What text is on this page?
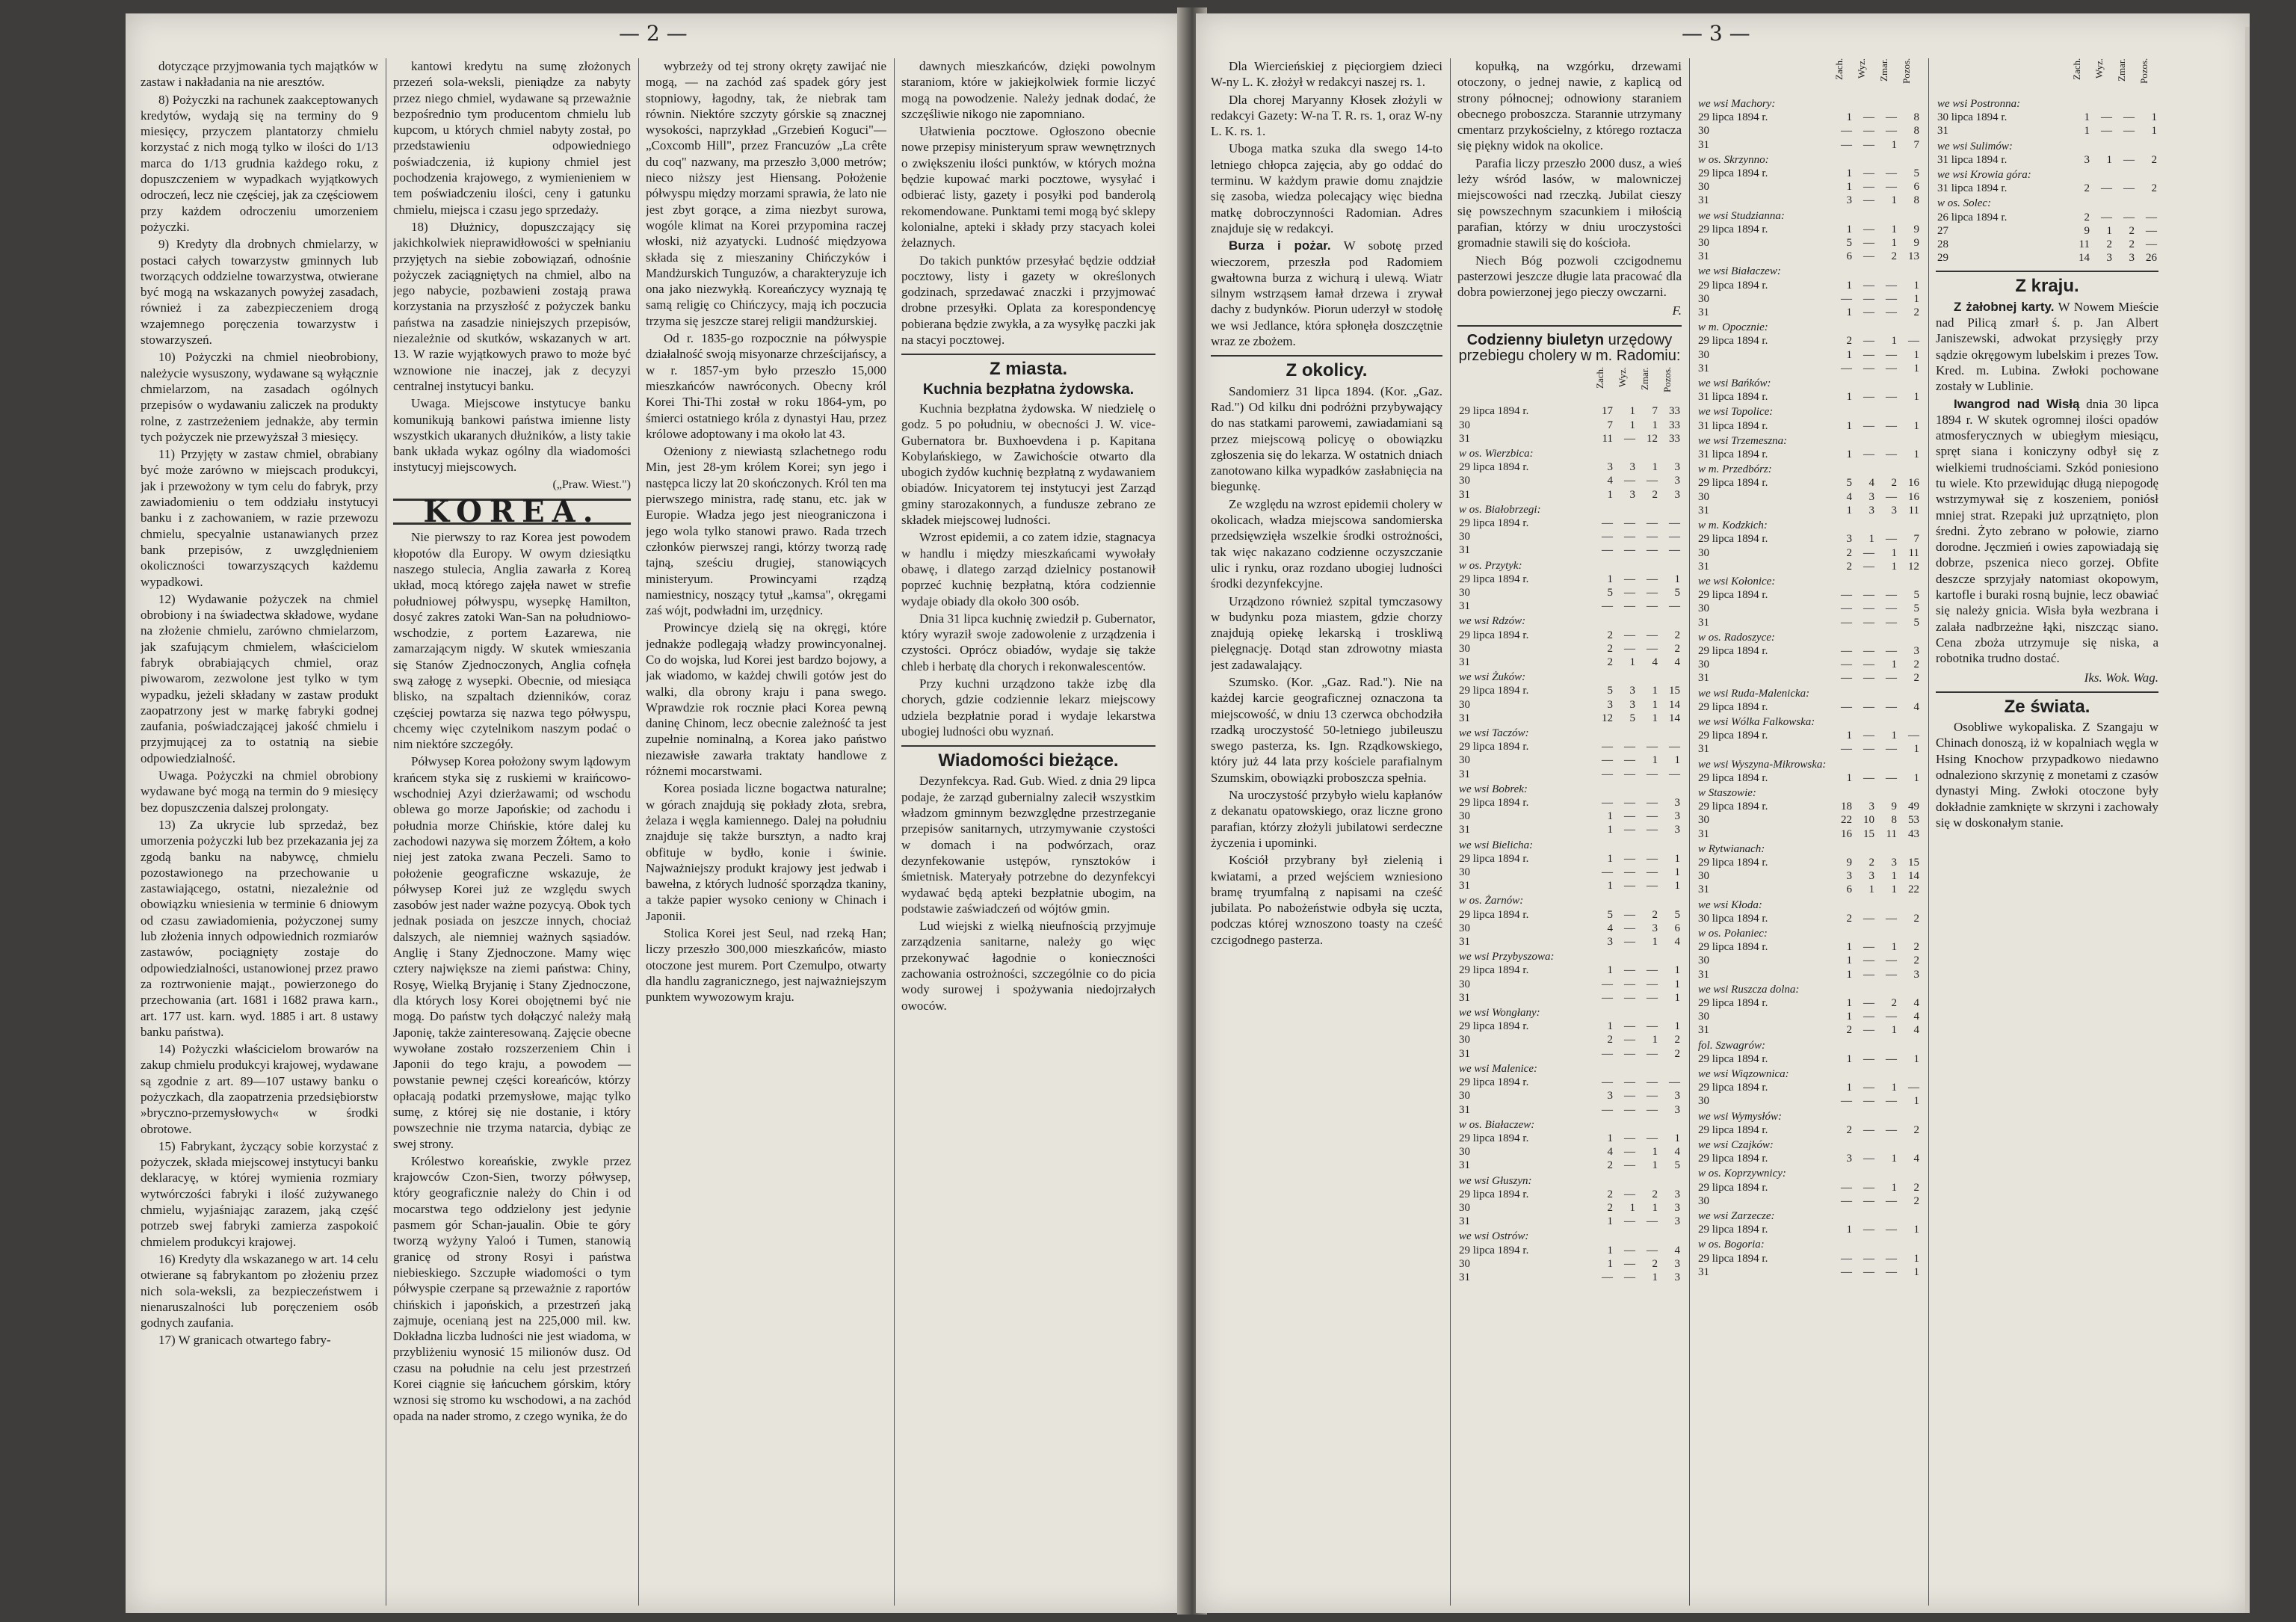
— 2 —

dotyczące przyjmowania tych majątków w zastaw i nakładania na nie aresztów.

8) Pożyczki na rachunek zaakceptowanych kredytów, wydają się na terminy do 9 miesięcy, przyczem plantatorzy chmielu korzystać z nich mogą tylko w ilości do 1/13 marca do 1/13 grudnia każdego roku, z dopuszczeniem w wypadkach wyjątkowych odroczeń, lecz nie częściej, jak za częściowem przy każdem odroczeniu umorzeniem pożyczki.

9) Kredyty dla drobnych chmielarzy, w postaci całych towarzystw gminnych lub tworzących oddzielne towarzystwa, otwierane być mogą na wskazanych powyżej zasadach, również i za zabezpieczeniem drogą wzajemnego poręczenia towarzystw i stowarzyszeń.

10) Pożyczki na chmiel nieobrobiony, należycie wysuszony, wydawane są wyłącznie chmielarzom, na zasadach ogólnych przepisów o wydawaniu zaliczek na produkty rolne, z zastrzeżeniem jednakże, aby termin tych pożyczek nie przewyższał 3 miesięcy.

11) Przyjęty w zastaw chmiel, obrabiany być może zarówno w miejscach produkcyi, jak i przewożony w tym celu do fabryk, przy zawiadomieniu o tem oddziału instytucyi banku i z zachowaniem, w razie przewozu chmielu, specyalnie ustanawianych przez bank przepisów, z uwzględnieniem okoliczności towarzyszących każdemu wypadkowi.

12) Wydawanie pożyczek na chmiel obrobiony i na świadectwa składowe, wydane na złożenie chmielu, zarówno chmielarzom, jak szafującym chmielem, właścicielom fabryk obrabiających chmiel, oraz piwowarom, zezwolone jest tylko w tym wypadku, jeżeli składany w zastaw produkt zaopatrzony jest w markę fabryki godnej zaufania, poświadczającej jakość chmielu i przyjmującej za to ostatnią na siebie odpowiedzialność.

Uwaga. Pożyczki na chmiel obrobiony wydawane być mogą na termin do 9 miesięcy bez dopuszczenia dalszej prolongaty.

13) Za ukrycie lub sprzedaż, bez umorzenia pożyczki lub bez przekazania jej za zgodą banku na nabywcę, chmielu pozostawionego na przechowanie u zastawiającego, ostatni, niezależnie od obowiązku wniesienia w terminie 6 dniowym od czasu zawiadomienia, pożyczonej sumy lub złożenia innych odpowiednich rozmiarów zastawów, pociągnięty zostaje do odpowiedzialności, ustanowionej przez prawo za roztrwonienie mająt., powierzonego do przechowania (art. 1681 i 1682 prawa karn., art. 177 ust. karn. wyd. 1885 i art. 8 ustawy banku państwa).

14) Pożyczki właścicielom browarów na zakup chmielu produkcyi krajowej, wydawane są zgodnie z art. 89—107 ustawy banku o pożyczkach, dla zaopatrzenia przedsiębiorstw »bryczno-przemysłowych« w środki obrotowe.

15) Fabrykant, życzący sobie korzystać z pożyczek, składa miejscowej instytucyi banku deklaracyę, w której wymienia rozmiary wytwórczości fabryki i ilość zużywanego chmielu, wyjaśniając zarazem, jaką część potrzeb swej fabryki zamierza zaspokoić chmielem produkcyi krajowej.

16) Kredyty dla wskazanego w art. 14 celu otwierane są fabrykantom po złożeniu przez nich sola-weksli, za bezpieczeństwem i nienaruszalności lub poręczeniem osób godnych zaufania.

17) W granicach otwartego fabry-

kantowi kredytu na sumę złożonych przezeń sola-weksli, pieniądze za nabyty przez niego chmiel, wydawane są przeważnie bezpośrednio tym producentom chmielu lub kupcom, u których chmiel nabyty został, po przedstawieniu odpowiedniego poświadczenia, iż kupiony chmiel jest pochodzenia krajowego, z wymienieniem w tem poświadczeniu ilości, ceny i gatunku chmielu, miejsca i czasu jego sprzedaży.

18) Dłużnicy, dopuszczający się jakichkolwiek nieprawidłowości w spełnianiu przyjętych na siebie zobowiązań, odnośnie pożyczek zaciągniętych na chmiel, albo na jego nabycie, pozbawieni zostają prawa korzystania na przyszłość z pożyczek banku państwa na zasadzie niniejszych przepisów, niezależnie od skutków, wskazanych w art. 13. W razie wyjątkowych prawo to może być wznowione nie inaczej, jak z decyzyi centralnej instytucyi banku.

Uwaga. Miejscowe instytucye banku komunikują bankowi państwa imienne listy wszystkich ukaranych dłużników, a listy takie bank układa wykaz ogólny dla wiadomości instytucyj miejscowych.

(„Praw. Wiest.")
KOREA.

Nie pierwszy to raz Korea jest powodem kłopotów dla Europy. W owym dziesiątku naszego stulecia, Anglia zawarła z Koreą układ, mocą którego zajęła nawet w strefie południowej półwyspu, wysepkę Hamilton, dosyć zakres zatoki Wan-San na południowo-wschodzie, z portem Łazarewa, nie zamarzającym nigdy. W skutek wmieszania się Stanów Zjednoczonych, Anglia cofnęła swą załogę z wysepki. Obecnie, od miesiąca blisko, na szpaltach dzienników, coraz częściej powtarza się nazwa tego półwyspu, chcemy więc czytelnikom naszym podać o nim niektóre szczegóły.

Półwysep Korea położony swym lądowym krańcem styka się z ruskiemi w kraińcowo-wschodniej Azyi dzierżawami; od wschodu oblewa go morze Japońskie; od zachodu i południa morze Chińskie, które dalej ku zachodowi nazywa się morzem Żółtem, a koło niej jest zatoka zwana Peczeli. Samo to położenie geograficzne wskazuje, że półwysep Korei już ze względu swych zasobów jest nader ważne pozycyą. Obok tych jednak posiada on jeszcze innych, chociaż dalszych, ale niemniej ważnych sąsiadów. Anglię i Stany Zjednoczone. Mamy więc cztery największe na ziemi państwa: Chiny, Rosyę, Wielką Bryjanię i Stany Zjednoczone, dla których losy Korei obojętnemi być nie mogą. Do państw tych dołączyć należy małą Japonię, także zainteresowaną. Zajęcie obecne wywołane zostało rozszerzeniem Chin i Japonii do tego kraju, a powodem — powstanie pewnej części koreańców, którzy opłacają podatki przemysłowe, mając tylko sumę, z której się nie dostanie, i który powszechnie nie trzyma natarcia, dybiąc ze swej strony.

Królestwo koreańskie, zwykle przez krajowców Czon-Sien, tworzy półwysep, który geograficznie należy do Chin i od mocarstwa tego oddzielony jest jedynie pasmem gór Schan-jaualin. Obie te góry tworzą wyżyny Yaloó i Tumen, stanowią granicę od strony Rosyi i państwa niebieskiego. Szczupłe wiadomości o tym półwyspie czerpane są przeważnie z raportów chińskich i japońskich, a przestrzeń jaką zajmuje, ocenianą jest na 225,000 mil. kw. Dokładna liczba ludności nie jest wiadoma, w przybliżeniu wynosić 15 milionów dusz. Od czasu na południe na celu jest przestrzeń Korei ciągnie się łańcuchem górskim, który wznosi się stromo ku wschodowi, a na zachód opada na nader stromo, z czego wynika, że do

wybrzeży od tej strony okręty zawijać nie mogą, — na zachód zaś spadek góry jest stopniowy, łagodny, tak, że niebrak tam równin. Niektóre szczyty górskie są znacznej wysokości, naprzykład „Grzebień Koguci"—„Coxcomb Hill", przez Francuzów „La crête du coq" nazwany, ma przeszło 3,000 metrów; nieco niższy jest Hiensang. Położenie półwyspu między morzami sprawia, że lato nie jest zbyt gorące, a zima niezbyt surowa, wogóle klimat na Korei przypomina raczej włoski, niż azyatycki. Ludność międzyowa składa się z mieszaniny Chińczyków i Mandżurskich Tunguzów, a charakteryzuje ich ona jako niezwykłą. Koreańczycy wyznają tę samą religię co Chińczycy, mają ich poczucia trzyma się jeszcze starej religii mandżurskiej.

Od r. 1835-go rozpocznie na półwyspie działalność swoją misyonarze chrześcijańscy, a w r. 1857-ym było przeszło 15,000 mieszkańców nawróconych. Obecny król Korei Thi-Thi został w roku 1864-ym, po śmierci ostatniego króla z dynastyi Hau, przez królowe adoptowany i ma około lat 43.

Ożeniony z niewiastą szlachetnego rodu Min, jest 28-ym królem Korei; syn jego i następca liczy lat 20 skończonych. Król ten ma pierwszego ministra, radę stanu, etc. jak w Europie. Władza jego jest nieograniczona i jego wola tylko stanowi prawo. Rada trzech członków pierwszej rangi, którzy tworzą radę tajną, sześciu drugiej, stanowiących ministeryum. Prowincyami rządzą namiestnicy, noszący tytuł „kamsa", okręgami zaś wójt, podwładni im, urzędnicy.

Prowincye dzielą się na okręgi, które jednakże podlegają władzy prowincyonalnej. Co do wojska, lud Korei jest bardzo bojowy, a jak wiadomo, w każdej chwili gotów jest do walki, dla obrony kraju i pana swego. Wprawdzie rok rocznie płaci Korea pewną daninę Chinom, lecz obecnie zależność ta jest zupełnie nominalną, a Korea jako państwo niezawisłe zawarła traktaty handlowe z różnemi mocarstwami.

Korea posiada liczne bogactwa naturalne; w górach znajdują się pokłady złota, srebra, żelaza i węgla kamiennego. Dalej na południu znajduje się także bursztyn, a nadto kraj obfituje w bydło, konie i świnie. Najważniejszy produkt krajowy jest jedwab i bawełna, z których ludność sporządza tkaniny, a także papier wysoko ceniony w Chinach i Japonii.

Stolica Korei jest Seul, nad rzeką Han; liczy przeszło 300,000 mieszkańców, miasto otoczone jest murem. Port Czemulpo, otwarty dla handlu zagranicznego, jest najważniejszym punktem wywozowym kraju.

dawnych mieszkańców, dzięki powolnym staraniom, które w jakiejkolwiek formie liczyć mogą na powodzenie. Należy jednak dodać, że szczęśliwie nikogo nie zapomniano.

Ułatwienia pocztowe. Ogłoszono obecnie nowe przepisy ministeryum spraw wewnętrznych o zwiększeniu ilości punktów, w których można będzie kupować marki pocztowe, wysyłać i odbierać listy, gazety i posyłki pod banderolą rekomendowane. Punktami temi mogą być sklepy kolonialne, apteki i składy przy stacyach kolei żelaznych.

Do takich punktów przesyłać będzie oddział pocztowy, listy i gazety w określonych godzinach, sprzedawać znaczki i przyjmować drobne przesyłki. Oplata za korespondencyę pobierana będzie zwykła, a za wysyłkę paczki jak na stacyi pocztowej.

Z miasta.
Kuchnia bezpłatna żydowska.

Kuchnia bezpłatna żydowska. W niedzielę o godz. 5 po południu, w obecności J. W. vice-Gubernatora br. Buxhoevdena i p. Kapitana Kobylańskiego, w Zawichoście otwarto dla ubogich żydów kuchnię bezpłatną z wydawaniem obiadów. Inicyatorem tej instytucyi jest Zarząd gminy starozakonnych, a fundusze zebrano ze składek miejscowej ludności.

Wzrost epidemii, a co zatem idzie, stagnacya w handlu i między mieszkańcami wywołały obawę, i dlatego zarząd dzielnicy postanowił poprzeć kuchnię bezpłatną, która codziennie wydaje obiady dla około 300 osób.

Dnia 31 lipca kuchnię zwiedził p. Gubernator, który wyraził swoje zadowolenie z urządzenia i czystości. Oprócz obiadów, wydaje się także chleb i herbatę dla chorych i rekonwalescentów.

Przy kuchni urządzono także izbę dla chorych, gdzie codziennie lekarz miejscowy udziela bezpłatnie porad i wydaje lekarstwa ubogiej ludności obu wyznań.

Wiadomości bieżące.

Dezynfekcya. Rad. Gub. Wied. z dnia 29 lipca podaje, że zarząd gubernialny zalecił wszystkim władzom gminnym bezwzględne przestrzeganie przepisów sanitarnych, utrzymywanie czystości w domach i na podwórzach, oraz dezynfekowanie ustępów, rynsztoków i śmietnisk. Materyały potrzebne do dezynfekcyi wydawać będą apteki bezpłatnie ubogim, na podstawie zaświadczeń od wójtów gmin.

Lud wiejski z wielką nieufnością przyjmuje zarządzenia sanitarne, należy go więc przekonywać łagodnie o konieczności zachowania ostrożności, szczególnie co do picia wody surowej i spożywania niedojrzałych owoców.

— 3 —

Dla Wiercieńskiej z pięciorgiem dzieci W-ny L. K. złożył w redakcyi naszej rs. 1.

Dla chorej Maryanny Kłosek złożyli w redakcyi Gazety: W-na T. R. rs. 1, oraz W-ny L. K. rs. 1.

Uboga matka szuka dla swego 14-to letniego chłopca zajęcia, aby go oddać do terminu. W każdym prawie domu znajdzie się zasoba, wiedza polecający więc biedna matkę dobroczynności Radomian. Adres znajduje się w redakcyi.

Burza i pożar. W sobotę przed wieczorem, przeszła pod Radomiem gwałtowna burza z wichurą i ulewą. Wiatr silnym wstrząsem łamał drzewa i zrywał dachy z budynków. Piorun uderzył w stodołę we wsi Jedlance, która spłonęła doszczętnie wraz ze zbożem.

Z okolicy.

Sandomierz 31 lipca 1894. (Kor. „Gaz. Rad.") Od kilku dni podróżni przybywający do nas statkami parowemi, zawiadamiani są przez miejscową policyę o obowiązku zgłoszenia się do lekarza. W ostatnich dniach zanotowano kilka wypadków zasłabnięcia na biegunkę.

Ze względu na wzrost epidemii cholery w okolicach, władza miejscowa sandomierska przedsięwzięła wszelkie środki ostrożności, tak więc nakazano codzienne oczyszczanie ulic i rynku, oraz rozdano ubogiej ludności środki dezynfekcyjne.

Urządzono również szpital tymczasowy w budynku poza miastem, gdzie chorzy znajdują opiekę lekarską i troskliwą pielęgnację. Dotąd stan zdrowotny miasta jest zadawalający.

Szumsko. (Kor. „Gaz. Rad."). Nie na każdej karcie geograficznej oznaczona ta miejscowość, w dniu 13 czerwca obchodziła rzadką uroczystość 50-letniego jubileuszu swego pasterza, ks. Ign. Rządkowskiego, który już 44 lata przy kościele parafialnym Szumskim, obowiązki proboszcza spełnia.

Na uroczystość przybyło wielu kapłanów z dekanatu opatowskiego, oraz liczne grono parafian, którzy złożyli jubilatowi serdeczne życzenia i upominki.

Kościół przybrany był zielenią i kwiatami, a przed wejściem wzniesiono bramę tryumfalną z napisami na cześć jubilata. Po nabożeństwie odbyła się uczta, podczas której wznoszono toasty na cześć czcigodnego pasterza.

kopułką, na wzgórku, drzewami otoczony, o jednej nawie, z kaplicą od strony północnej; odnowiony staraniem obecnego proboszcza. Starannie utrzymany cmentarz przykościelny, z którego roztacza się piękny widok na okolice.

Parafia liczy przeszło 2000 dusz, a wieś leży wśród lasów, w malowniczej miejscowości nad rzeczką. Jubilat cieszy się powszechnym szacunkiem i miłością parafian, którzy w dniu uroczystości gromadnie stawili się do kościoła.

Niech Bóg pozwoli czcigodnemu pasterzowi jeszcze długie lata pracować dla dobra powierzonej jego pieczy owczarni.

F.
Codzienny biuletyn urzędowy przebiegu cholery w m. Radomiu:

	Zach.	Wyz.	Zmar.	Pozos.

29 lipca 1894 r.	17	1	7	33
30	7	1	1	33
31	11	—	12	33
w os. Wierzbica:				
29 lipca 1894 r.	3	3	1	3
30	4	—	—	3
31	1	3	2	3
w os. Białobrzegi:				
29 lipca 1894 r.	—	—	—	—
30	—	—	—	—
31	—	—	—	—
w os. Przytyk:				
29 lipca 1894 r.	1	—	—	1
30	5	—	—	5
31	—	—	—	—
we wsi Rdzów:				
29 lipca 1894 r.	2	—	—	2
30	2	—	—	2
31	2	1	4	4
we wsi Żuków:				
29 lipca 1894 r.	5	3	1	15
30	3	3	1	14
31	12	5	1	14
we wsi Taczów:				
29 lipca 1894 r.	—	—	—	—
30	—	—	1	1
31	—	—	—	—
we wsi Bobrek:				
29 lipca 1894 r.	—	—	—	3
30	1	—	—	3
31	1	—	—	3
we wsi Bielicha:				
29 lipca 1894 r.	1	—	—	1
30	—	—	—	1
31	1	—	—	1
w os. Żarnów:				
29 lipca 1894 r.	5	—	2	5
30	4	—	3	6
31	3	—	1	4
we wsi Przybyszowa:				
29 lipca 1894 r.	1	—	—	1
30	—	—	—	1
31	—	—	—	1
we wsi Wongłany:				
29 lipca 1894 r.	1	—	—	1
30	2	—	1	2
31	—	—	—	2
we wsi Malenice:				
29 lipca 1894 r.	—	—	—	—
30	3	—	—	3
31	—	—	—	3
w os. Białaczew:				
29 lipca 1894 r.	1	—	—	1
30	4	—	1	4
31	2	—	1	5
we wsi Głuszyn:				
29 lipca 1894 r.	2	—	2	3
30	2	1	1	3
31	1	—	—	3
we wsi Ostrów:				
29 lipca 1894 r.	1	—	—	4
30	1	—	2	3
31	—	—	1	3

	Zach.	Wyz.	Zmar.	Pozos.

we wsi Machory:				
29 lipca 1894 r.	1	—	—	8
30	—	—	—	8
31	—	—	1	7
w os. Skrzynno:				
29 lipca 1894 r.	1	—	—	5
30	1	—	—	6
31	3	—	1	8
we wsi Studzianna:				
29 lipca 1894 r.	1	—	1	9
30	5	—	1	9
31	6	—	2	13
we wsi Białaczew:				
29 lipca 1894 r.	1	—	—	1
30	—	—	—	1
31	1	—	—	2
w m. Opocznie:				
29 lipca 1894 r.	2	—	1	—
30	1	—	—	1
31	—	—	—	1
we wsi Bańków:				
31 lipca 1894 r.	1	—	—	1
we wsi Topolice:				
31 lipca 1894 r.	1	—	—	1
we wsi Trzemeszna:				
31 lipca 1894 r.	1	—	—	1
w m. Przedbórz:				
29 lipca 1894 r.	5	4	2	16
30	4	3	—	16
31	1	3	3	11
w m. Kodzkich:				
29 lipca 1894 r.	3	1	—	7
30	2	—	1	11
31	2	—	1	12
we wsi Kołonice:				
29 lipca 1894 r.	—	—	—	5
30	—	—	—	5
31	—	—	—	5
w os. Radoszyce:				
29 lipca 1894 r.	—	—	—	3
30	—	—	1	2
31	—	—	—	2
we wsi Ruda-Malenicka:				
29 lipca 1894 r.	—	—	—	4
we wsi Wólka Falkowska:				
29 lipca 1894 r.	1	—	1	—
31	—	—	—	1
we wsi Wyszyna-Mikrowska:				
29 lipca 1894 r.	1	—	—	1
w Staszowie:				
29 lipca 1894 r.	18	3	9	49
30	22	10	8	53
31	16	15	11	43
w Rytwianach:				
29 lipca 1894 r.	9	2	3	15
30	3	3	1	14
31	6	1	1	22
we wsi Kłoda:				
30 lipca 1894 r.	2	—	—	2
w os. Połaniec:				
29 lipca 1894 r.	1	—	1	2
30	1	—	—	2
31	1	—	—	3
we wsi Ruszcza dolna:				
29 lipca 1894 r.	1	—	2	4
30	1	—	—	4
31	2	—	1	4
fol. Szwagrów:				
29 lipca 1894 r.	1	—	—	1
we wsi Wiązownica:				
29 lipca 1894 r.	1	—	1	—
30	—	—	—	1
we wsi Wymysłów:				
29 lipca 1894 r.	2	—	—	2
we wsi Czajków:				
29 lipca 1894 r.	3	—	1	4
w os. Koprzywnicy:				
29 lipca 1894 r.	—	—	1	2
30	—	—	—	2
we wsi Zarzecze:				
29 lipca 1894 r.	1	—	—	1
w os. Bogoria:				
29 lipca 1894 r.	—	—	—	1
31	—	—	—	1

	Zach.	Wyz.	Zmar.	Pozos.

we wsi Postronna:				
30 lipca 1894 r.	1	—	—	1
31	1	—	—	1
we wsi Sulimów:				
31 lipca 1894 r.	3	1	—	2
we wsi Krowia góra:				
31 lipca 1894 r.	2	—	—	2
w os. Solec:				
26 lipca 1894 r.	2	—	—	—
27	9	1	2	—
28	11	2	2	—
29	14	3	3	26
Z kraju.

Z żałobnej karty. W Nowem Mieście nad Pilicą zmarł ś. p. Jan Albert Janiszewski, adwokat przysięgły przy sądzie okręgowym lubelskim i prezes Tow. Kred. m. Lubina. Zwłoki pochowane zostały w Lublinie.

Iwangrod nad Wisłą dnia 30 lipca 1894 r. W skutek ogromnej ilości opadów atmosferycznych w ubiegłym miesiącu, spręt siana i koniczyny odbył się z wielkiemi trudnościami. Szkód poniesiono tu wiele. Kto przewidując długą niepogodę wstrzymywał się z koszeniem, poniósł mniej strat. Rzepaki już uprzątnięto, plon średni. Żyto zebrano w połowie, ziarno dorodne. Jęczmień i owies zapowiadają się dobrze, pszenica nieco gorzej. Obfite deszcze sprzyjały natomiast okopowym, kartofle i buraki rosną bujnie, lecz obawiać się należy gnicia. Wisła była wezbrana i zalała nadbrzeżne łąki, niszcząc siano. Cena zboża utrzymuje się niska, a robotnika trudno dostać.

Iks. Wok. Wag.
Ze świata.
Osobliwe wykopaliska. Z Szangaju w Chinach donoszą, iż w kopalniach węgla w Hsing Knochow przypadkowo niedawno odnaleziono skrzynię z monetami z czasów dynastyi Ming. Zwłoki otoczone były dokładnie zamknięte w skrzyni i zachowały się w doskonałym stanie.
